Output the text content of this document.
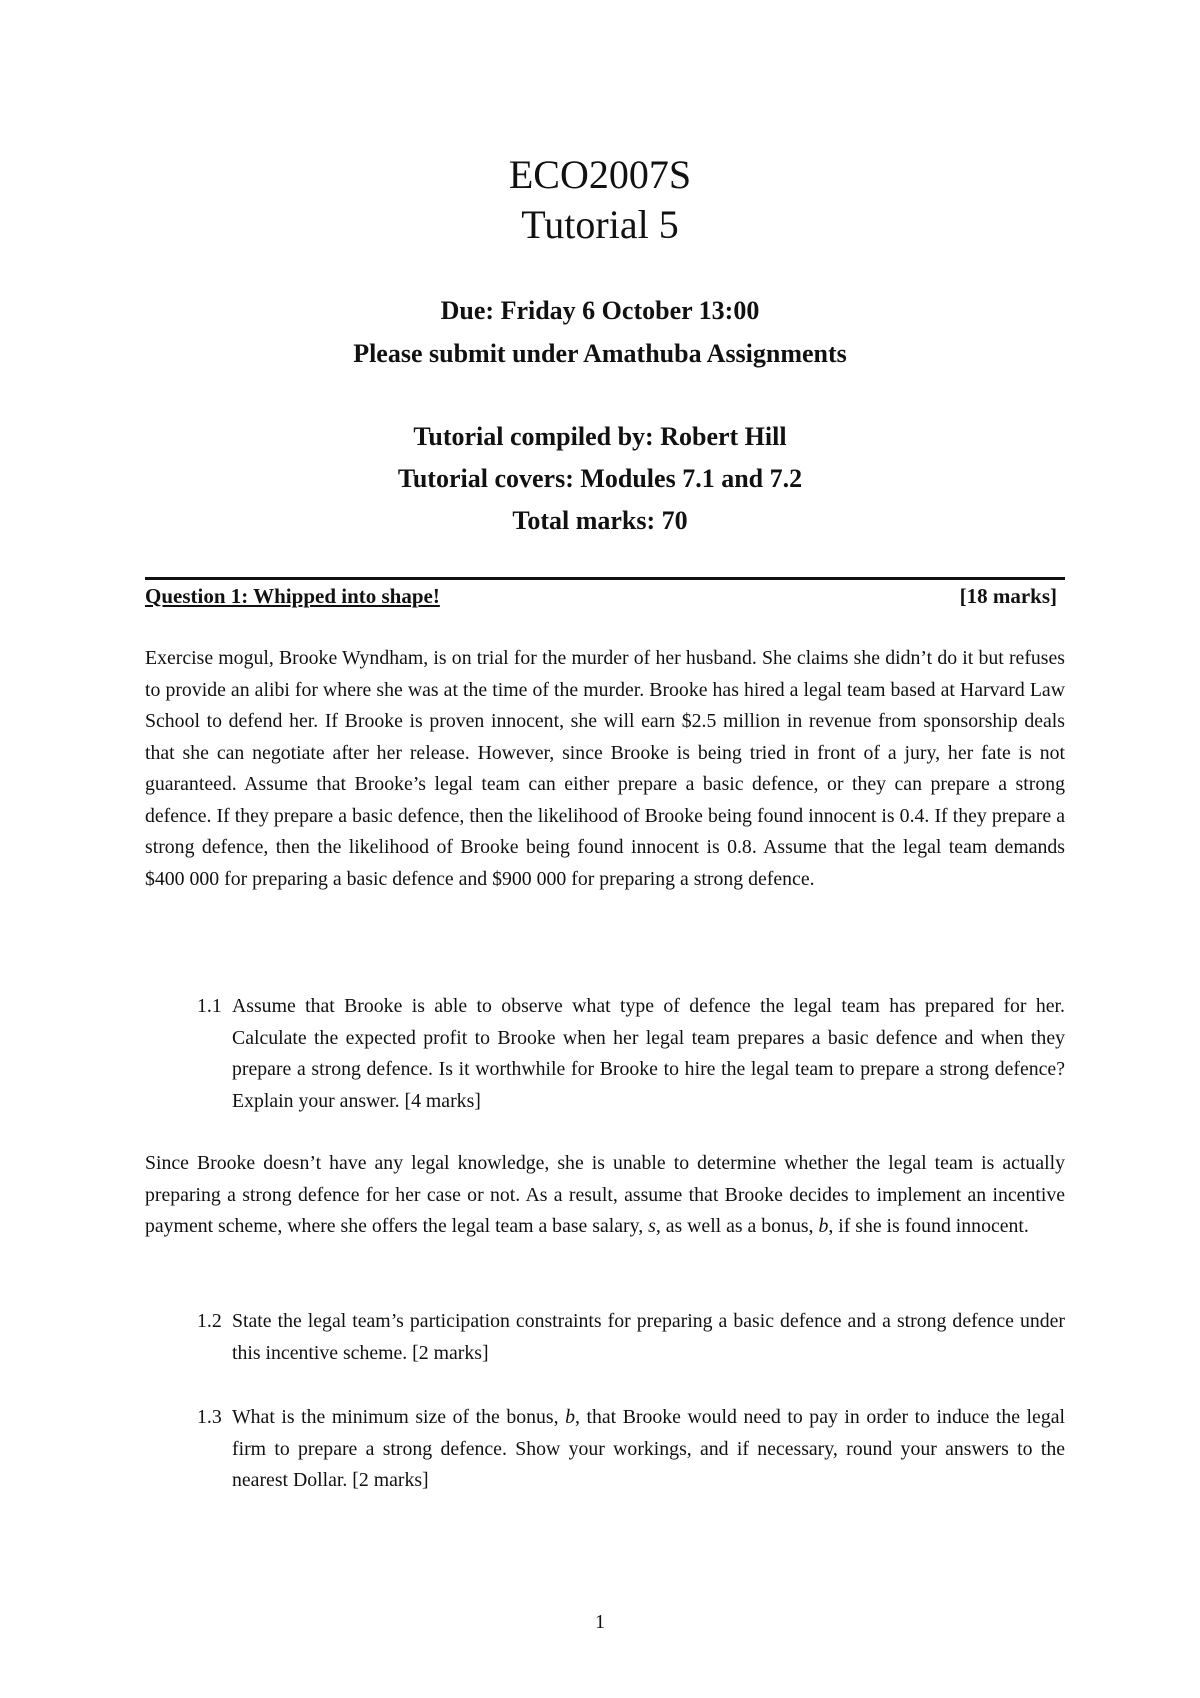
ECO2007S
Tutorial 5
Due: Friday 6 October 13:00
Please submit under Amathuba Assignments
Tutorial compiled by: Robert Hill
Tutorial covers: Modules 7.1 and 7.2
Total marks: 70
Question 1: Whipped into shape!	[18 marks]

Exercise mogul, Brooke Wyndham, is on trial for the murder of her husband. She claims she didn’t do it but refuses to provide an alibi for where she was at the time of the murder. Brooke has hired a legal team based at Harvard Law School to defend her. If Brooke is proven innocent, she will earn $2.5 million in revenue from sponsorship deals that she can negotiate after her release. However, since Brooke is being tried in front of a jury, her fate is not guaranteed. Assume that Brooke’s legal team can either prepare a basic defence, or they can prepare a strong defence. If they prepare a basic defence, then the likelihood of Brooke being found innocent is 0.4. If they prepare a strong defence, then the likelihood of Brooke being found innocent is 0.8. Assume that the legal team demands $400 000 for preparing a basic defence and $900 000 for preparing a strong defence.

1.1 Assume that Brooke is able to observe what type of defence the legal team has prepared for her. Calculate the expected profit to Brooke when her legal team prepares a basic defence and when they prepare a strong defence. Is it worthwhile for Brooke to hire the legal team to prepare a strong defence? Explain your answer. [4 marks]

Since Brooke doesn’t have any legal knowledge, she is unable to determine whether the legal team is actually preparing a strong defence for her case or not. As a result, assume that Brooke decides to implement an incentive payment scheme, where she offers the legal team a base salary, s, as well as a bonus, b, if she is found innocent.

1.2 State the legal team’s participation constraints for preparing a basic defence and a strong defence under this incentive scheme. [2 marks]
1.3 What is the minimum size of the bonus, b, that Brooke would need to pay in order to induce the legal firm to prepare a strong defence. Show your workings, and if necessary, round your answers to the nearest Dollar. [2 marks]
1
